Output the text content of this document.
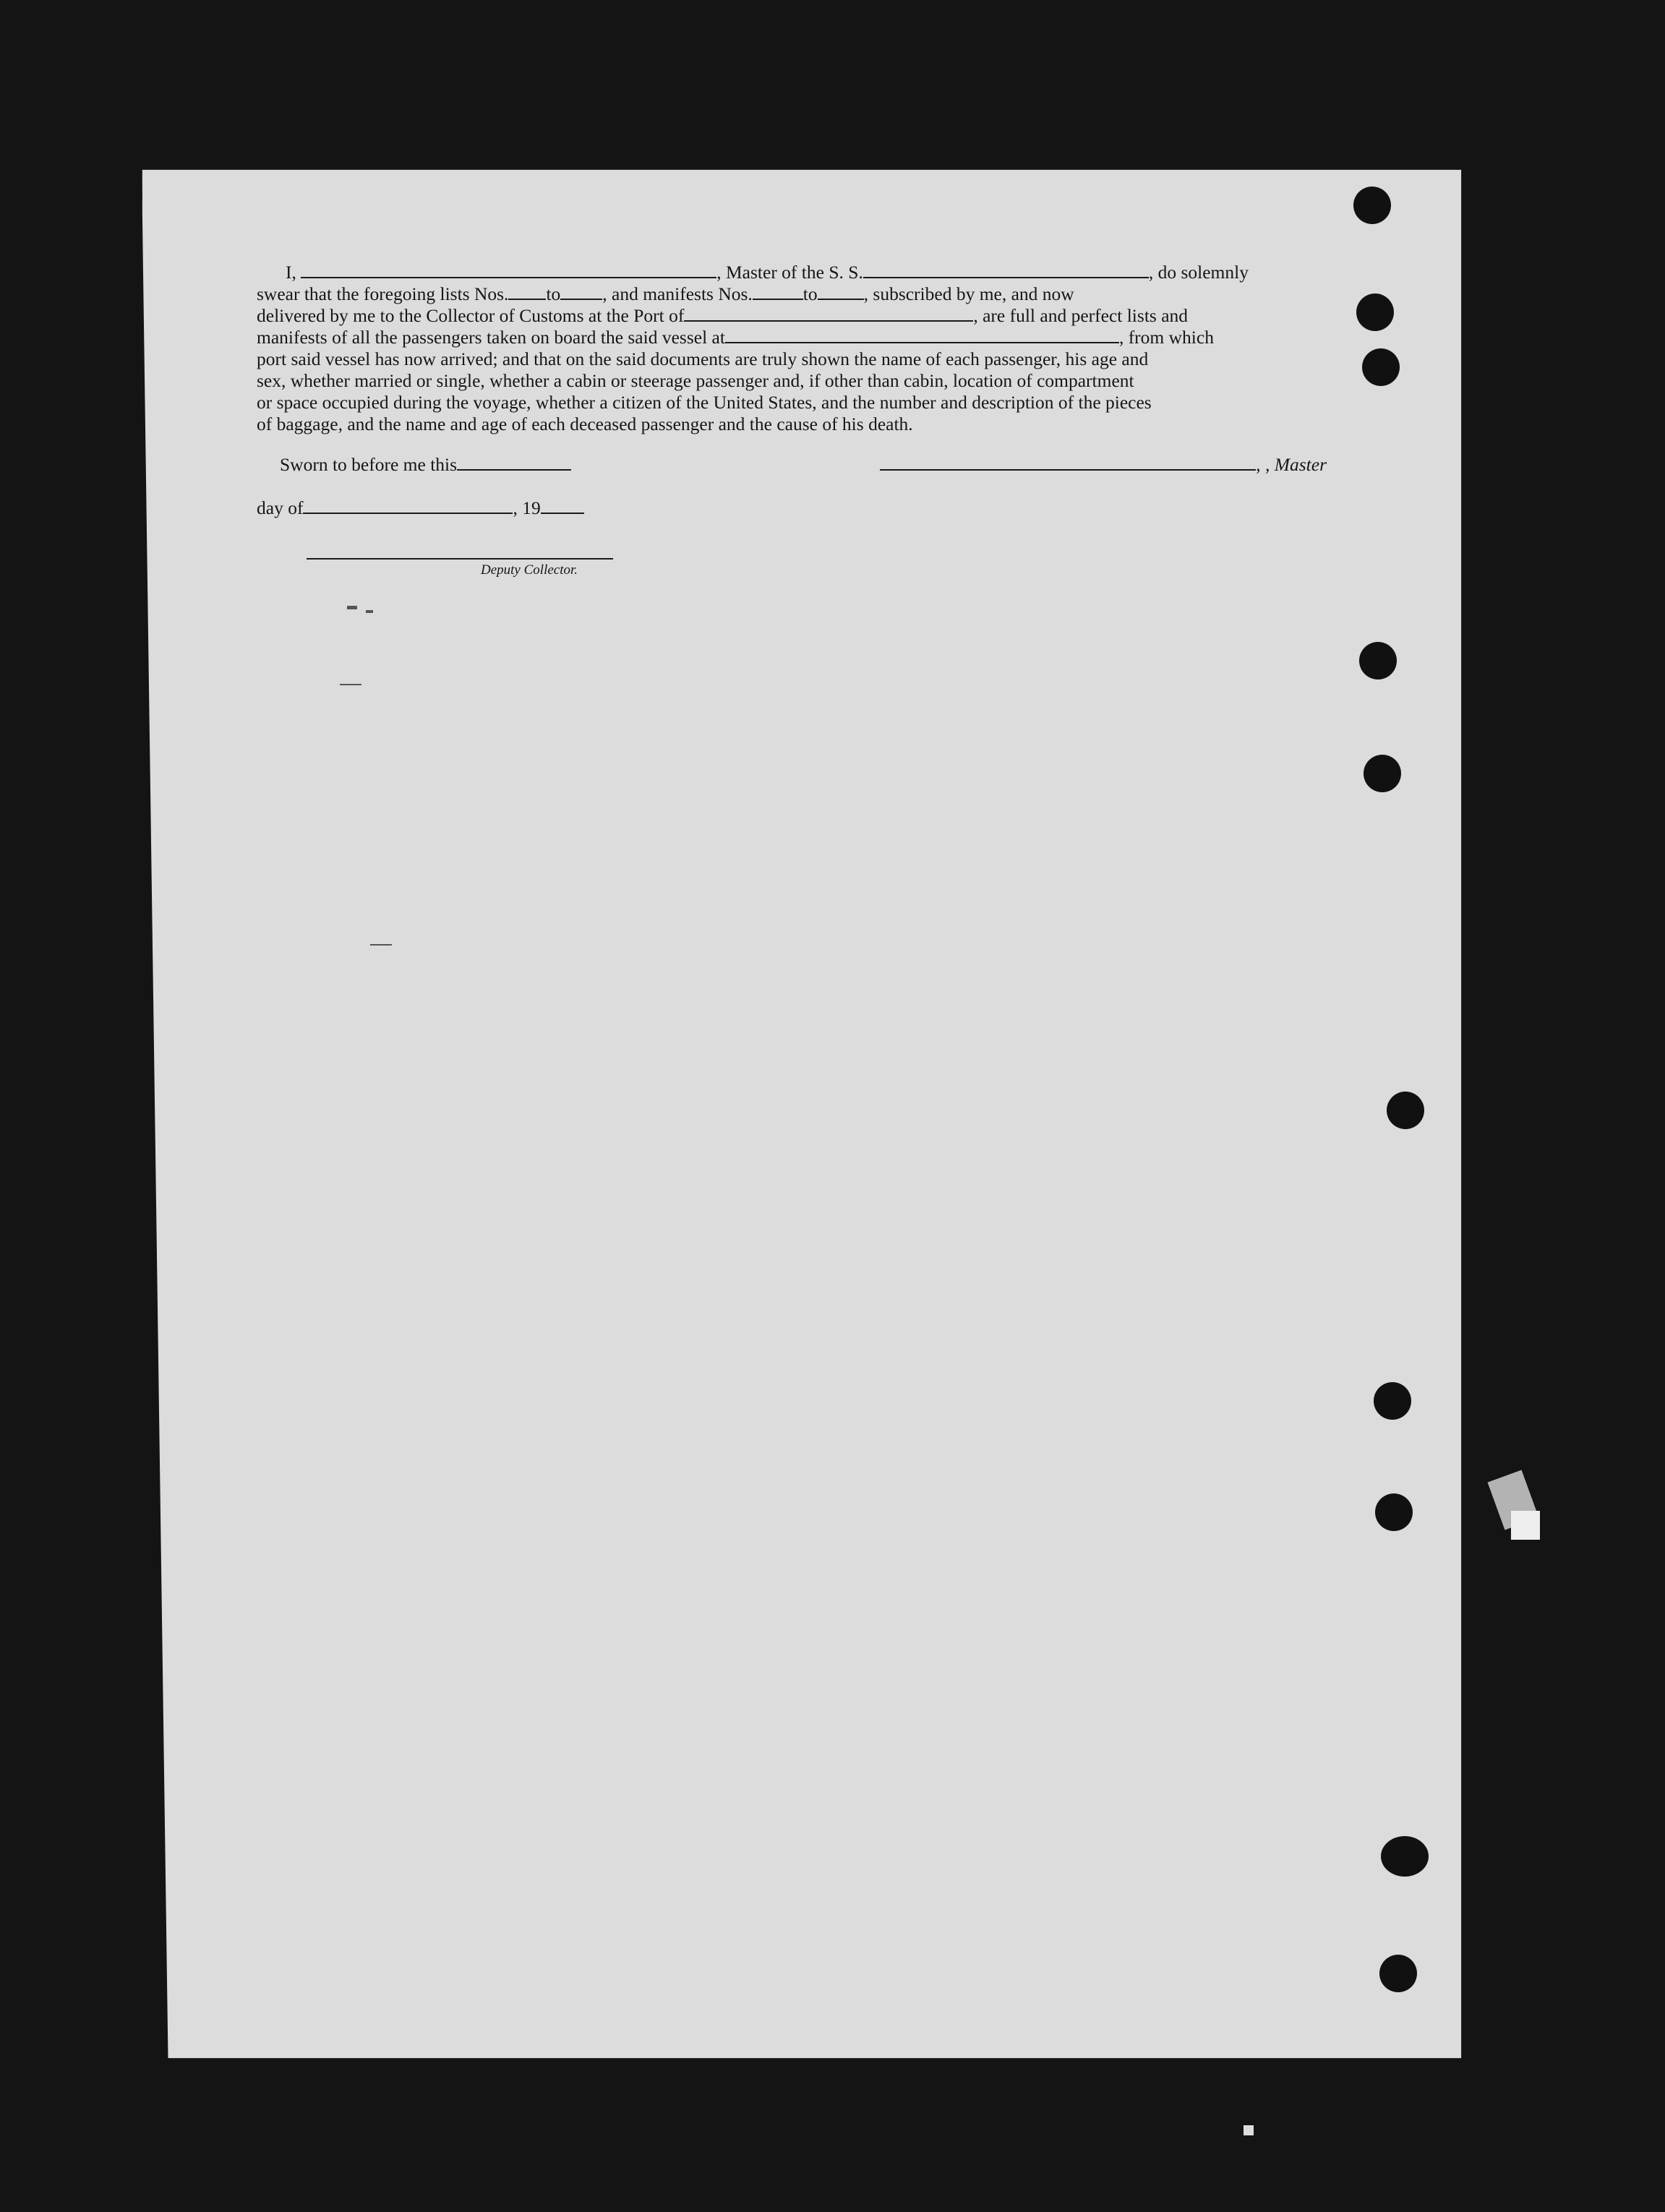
I,	, Master of the S. S.	, do solemnly

swear that the foregoing lists Nos. to , and manifests Nos.	to	, subscribed by me, and now

delivered by me to the Collector of Customs at the Port of	, are full and perfect lists and

manifests of all the passengers taken on board the said vessel at	, from which

port said vessel has now arrived; and that on the said documents are truly shown the name of each passenger, his age and

sex, whether married or single, whether a cabin or steerage passenger and, if other than cabin, location of compartment

or space occupied during the voyage, whether a citizen of the United States, and the number and description of the pieces

of baggage, and the name and age of each deceased passenger and the cause of his death.

Sworn to before me this	, , Master
day of	, 19
Deputy Collector.
